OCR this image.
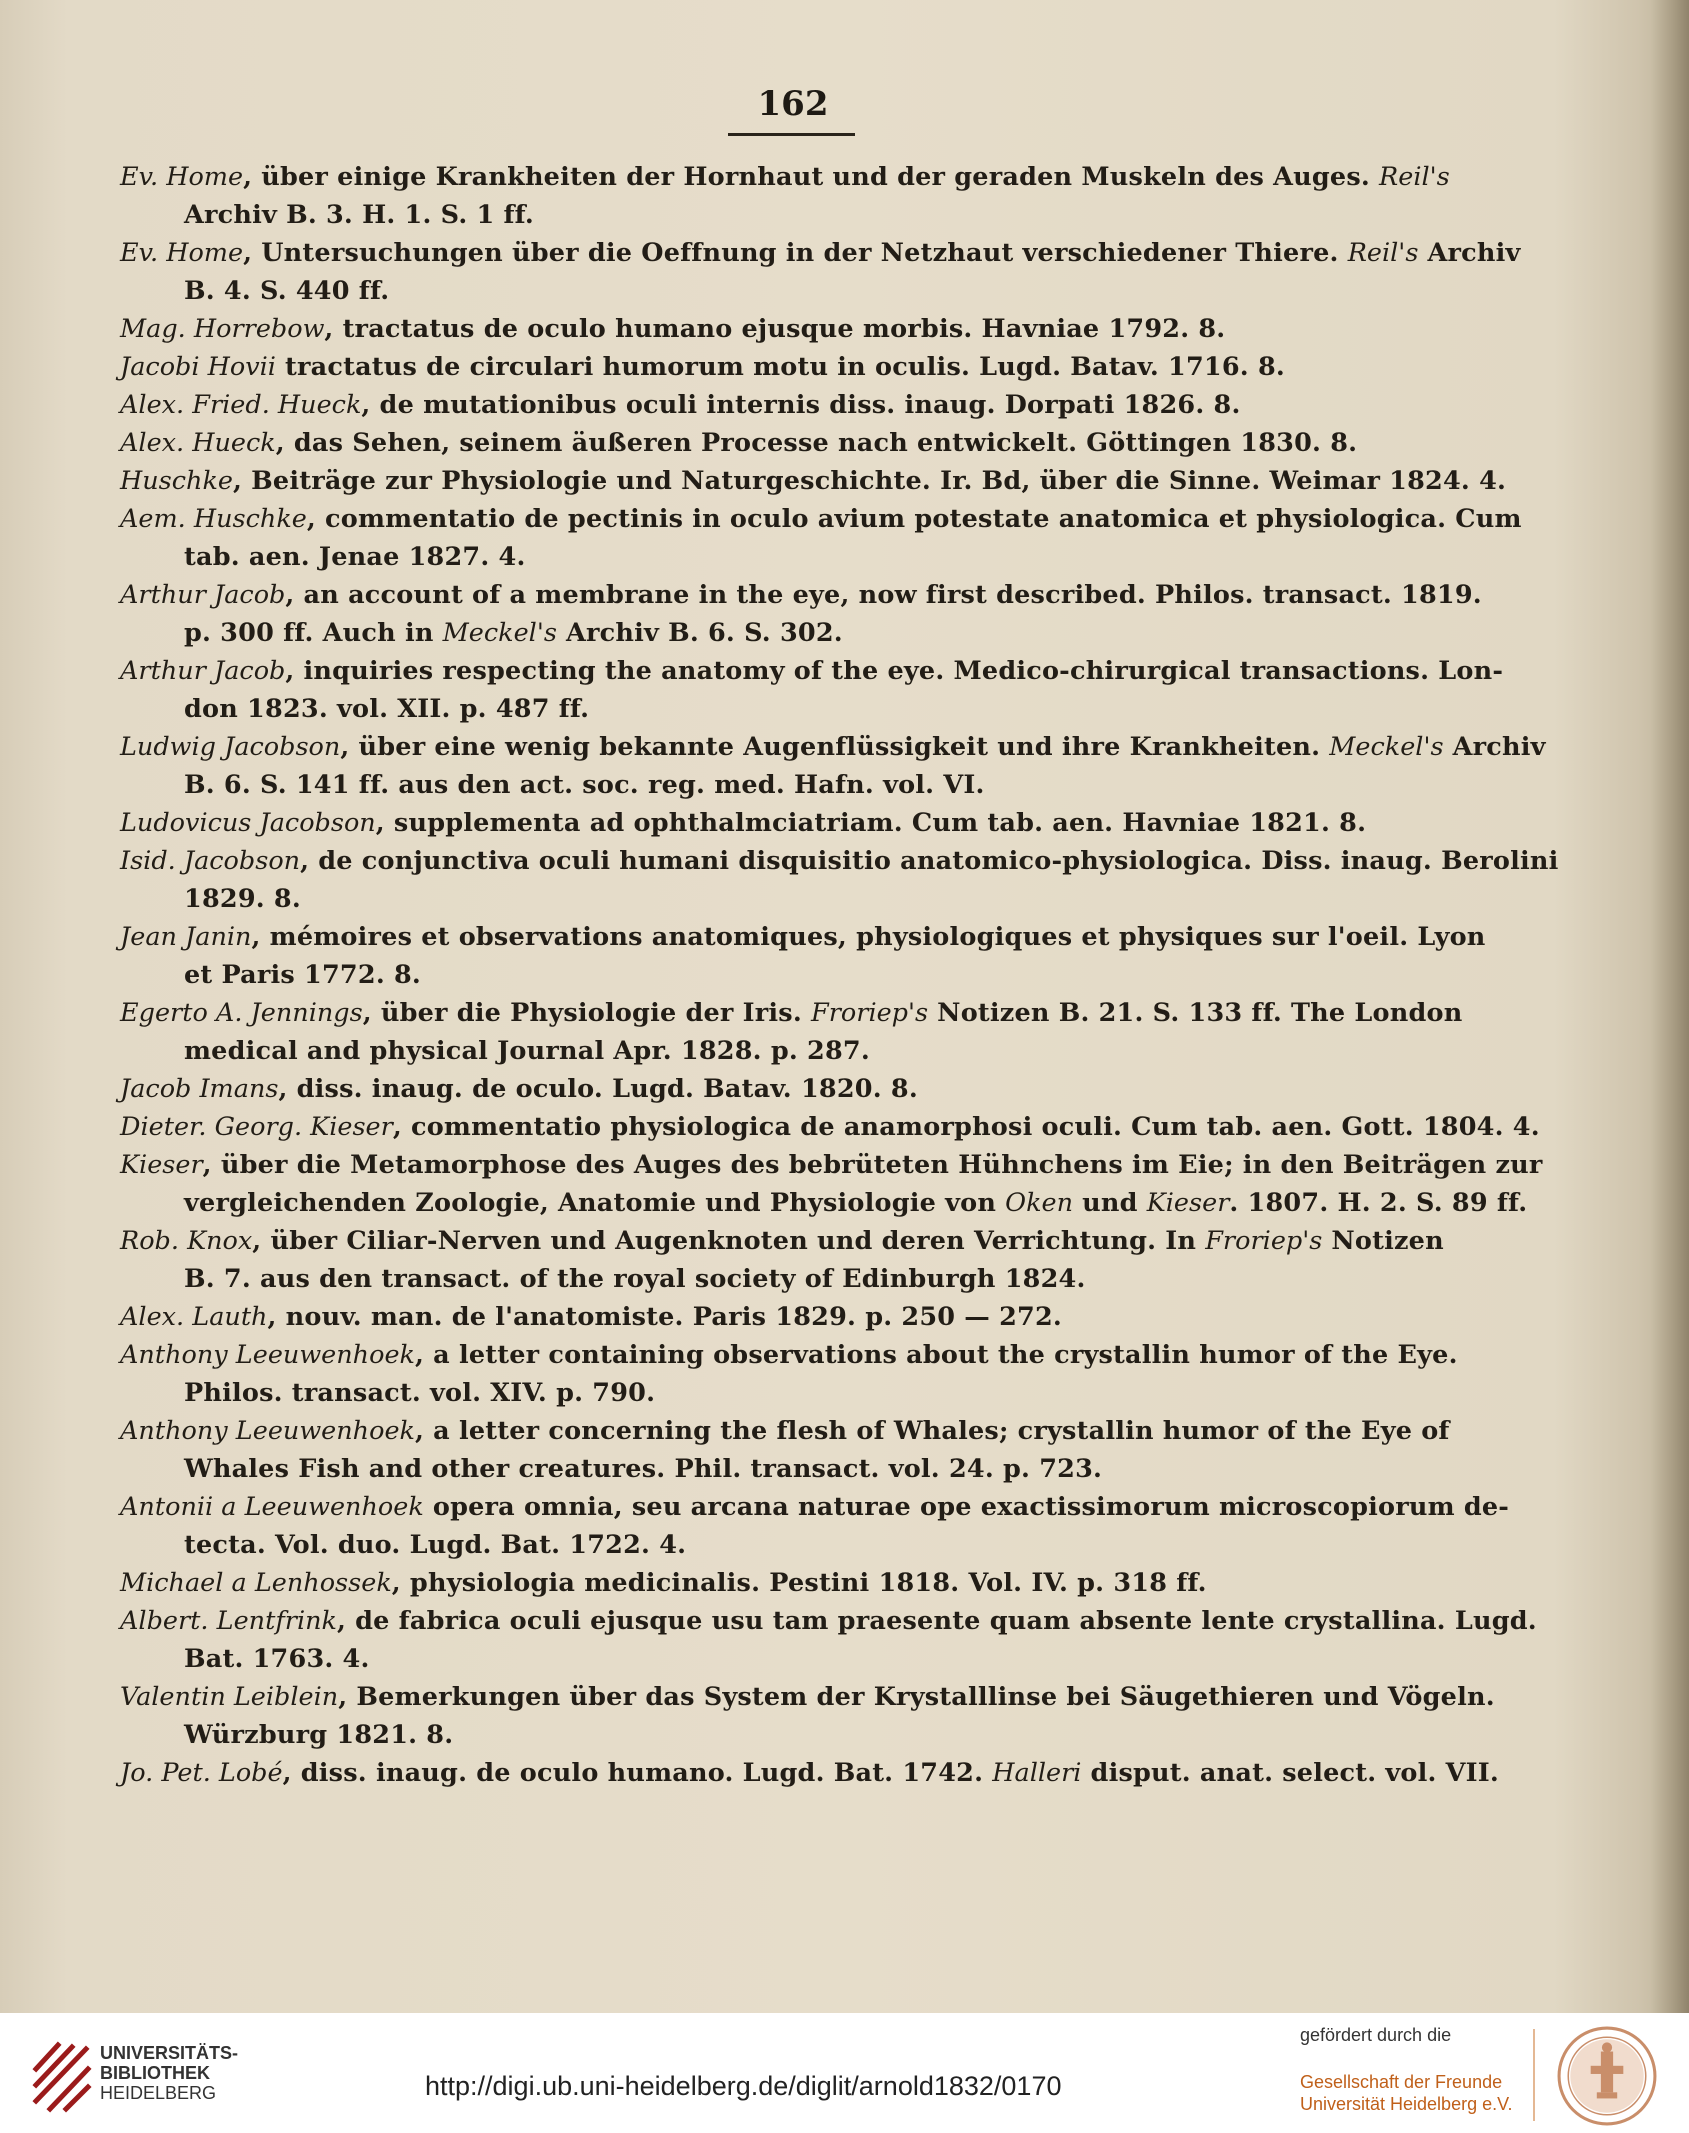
162
Ev. Home, über einige Krankheiten der Hornhaut und der geraden Muskeln des Auges. Reil's
Archiv B. 3. H. 1. S. 1 ff.
Ev. Home, Untersuchungen über die Oeffnung in der Netzhaut verschiedener Thiere. Reil's Archiv
B. 4. S. 440 ff.
Mag. Horrebow, tractatus de oculo humano ejusque morbis. Havniae 1792. 8.
Jacobi Hovii tractatus de circulari humorum motu in oculis. Lugd. Batav. 1716. 8.
Alex. Fried. Hueck, de mutationibus oculi internis diss. inaug. Dorpati 1826. 8.
Alex. Hueck, das Sehen, seinem äußeren Processe nach entwickelt. Göttingen 1830. 8.
Huschke, Beiträge zur Physiologie und Naturgeschichte. Ir. Bd, über die Sinne. Weimar 1824. 4.
Aem. Huschke, commentatio de pectinis in oculo avium potestate anatomica et physiologica. Cum
tab. aen. Jenae 1827. 4.
Arthur Jacob, an account of a membrane in the eye, now first described. Philos. transact. 1819.
p. 300 ff. Auch in Meckel's Archiv B. 6. S. 302.
Arthur Jacob, inquiries respecting the anatomy of the eye. Medico-chirurgical transactions. Lon-
don 1823. vol. XII. p. 487 ff.
Ludwig Jacobson, über eine wenig bekannte Augenflüssigkeit und ihre Krankheiten. Meckel's Archiv
B. 6. S. 141 ff. aus den act. soc. reg. med. Hafn. vol. VI.
Ludovicus Jacobson, supplementa ad ophthalmciatriam. Cum tab. aen. Havniae 1821. 8.
Isid. Jacobson, de conjunctiva oculi humani disquisitio anatomico-physiologica. Diss. inaug. Berolini
1829. 8.
Jean Janin, mémoires et observations anatomiques, physiologiques et physiques sur l'oeil. Lyon
et Paris 1772. 8.
Egerto A. Jennings, über die Physiologie der Iris. Froriep's Notizen B. 21. S. 133 ff. The London
medical and physical Journal Apr. 1828. p. 287.
Jacob Imans, diss. inaug. de oculo. Lugd. Batav. 1820. 8.
Dieter. Georg. Kieser, commentatio physiologica de anamorphosi oculi. Cum tab. aen. Gott. 1804. 4.
Kieser, über die Metamorphose des Auges des bebrüteten Hühnchens im Eie; in den Beiträgen zur
vergleichenden Zoologie, Anatomie und Physiologie von Oken und Kieser. 1807. H. 2. S. 89 ff.
Rob. Knox, über Ciliar-Nerven und Augenknoten und deren Verrichtung. In Froriep's Notizen
B. 7. aus den transact. of the royal society of Edinburgh 1824.
Alex. Lauth, nouv. man. de l'anatomiste. Paris 1829. p. 250 — 272.
Anthony Leeuwenhoek, a letter containing observations about the crystallin humor of the Eye.
Philos. transact. vol. XIV. p. 790.
Anthony Leeuwenhoek, a letter concerning the flesh of Whales; crystallin humor of the Eye of
Whales Fish and other creatures. Phil. transact. vol. 24. p. 723.
Antonii a Leeuwenhoek opera omnia, seu arcana naturae ope exactissimorum microscopiorum de-
tecta. Vol. duo. Lugd. Bat. 1722. 4.
Michael a Lenhossek, physiologia medicinalis. Pestini 1818. Vol. IV. p. 318 ff.
Albert. Lentfrink, de fabrica oculi ejusque usu tam praesente quam absente lente crystallina. Lugd.
Bat. 1763. 4.
Valentin Leiblein, Bemerkungen über das System der Krystalllinse bei Säugethieren und Vögeln.
Würzburg 1821. 8.
Jo. Pet. Lobé, diss. inaug. de oculo humano. Lugd. Bat. 1742. Halleri disput. anat. select. vol. VII.
UNIVERSITÄTS-
BIBLIOTHEK
HEIDELBERG	http://digi.ub.uni-heidelberg.de/diglit/arnold1832/0170
gefördert durch die
Gesellschaft der Freunde
Universität Heidelberg e.V.
